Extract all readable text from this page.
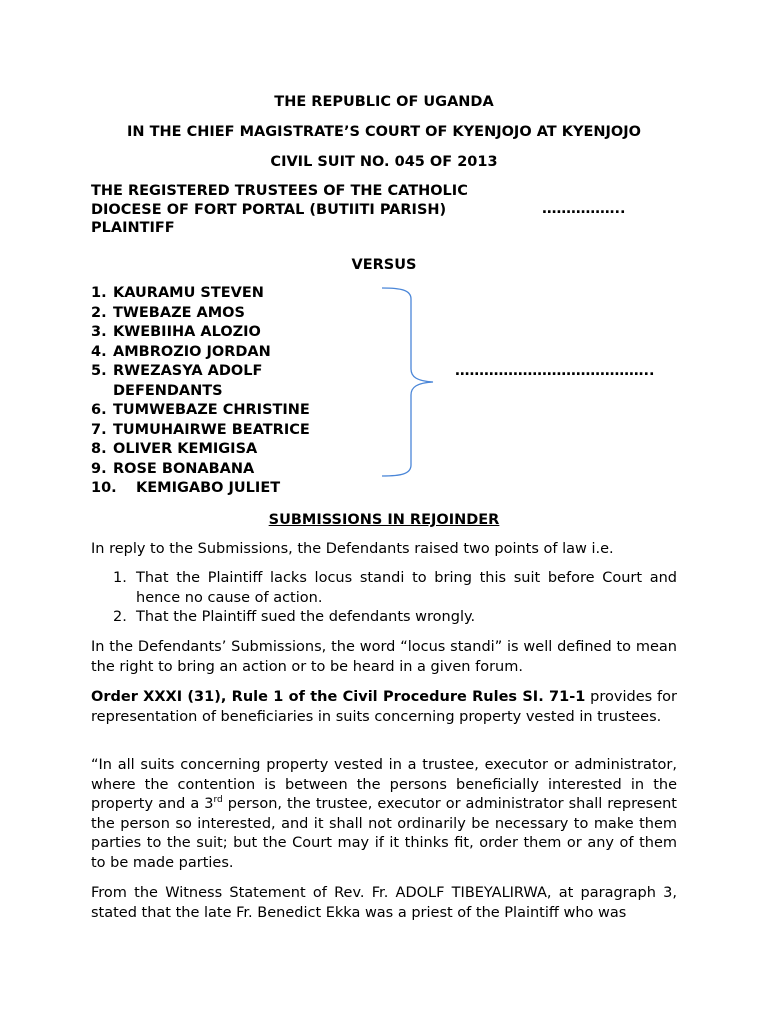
THE REPUBLIC OF UGANDA
IN THE CHIEF MAGISTRATE’S COURT OF KYENJOJO AT KYENJOJO
CIVIL SUIT NO. 045 OF 2013
THE REGISTERED TRUSTEES OF THE CATHOLIC
DIOCESE OF FORT PORTAL (BUTIITI PARISH)	……………..
PLAINTIFF
VERSUS
1. KAURAMU STEVEN
2. TWEBAZE AMOS
3. KWEBIIHA ALOZIO
4. AMBROZIO JORDAN
5. RWEZASYA ADOLF
DEFENDANTS
6. TUMWEBAZE CHRISTINE
7. TUMUHAIRWE BEATRICE
8. OLIVER KEMIGISA
9. ROSE BONABANA
10. KEMIGABO JULIET
…………………………………..
SUBMISSIONS IN REJOINDER
In reply to the Submissions, the Defendants raised two points of law i.e.
1. That the Plaintiff lacks locus standi to bring this suit before Court and hence no cause of action.
2. That the Plaintiff sued the defendants wrongly.
In the Defendants’ Submissions, the word “locus standi” is well defined to mean the right to bring an action or to be heard in a given forum.
Order XXXI (31), Rule 1 of the Civil Procedure Rules SI. 71-1 provides for representation of beneficiaries in suits concerning property vested in trustees.
“In all suits concerning property vested in a trustee, executor or administrator, where the contention is between the persons beneficially interested in the property and a 3rd person, the trustee, executor or administrator shall represent the person so interested, and it shall not ordinarily be necessary to make them parties to the suit; but the Court may if it thinks fit, order them or any of them to be made parties.
From the Witness Statement of Rev. Fr. ADOLF TIBEYALIRWA, at paragraph 3, stated that the late Fr. Benedict Ekka was a priest of the Plaintiff who was
